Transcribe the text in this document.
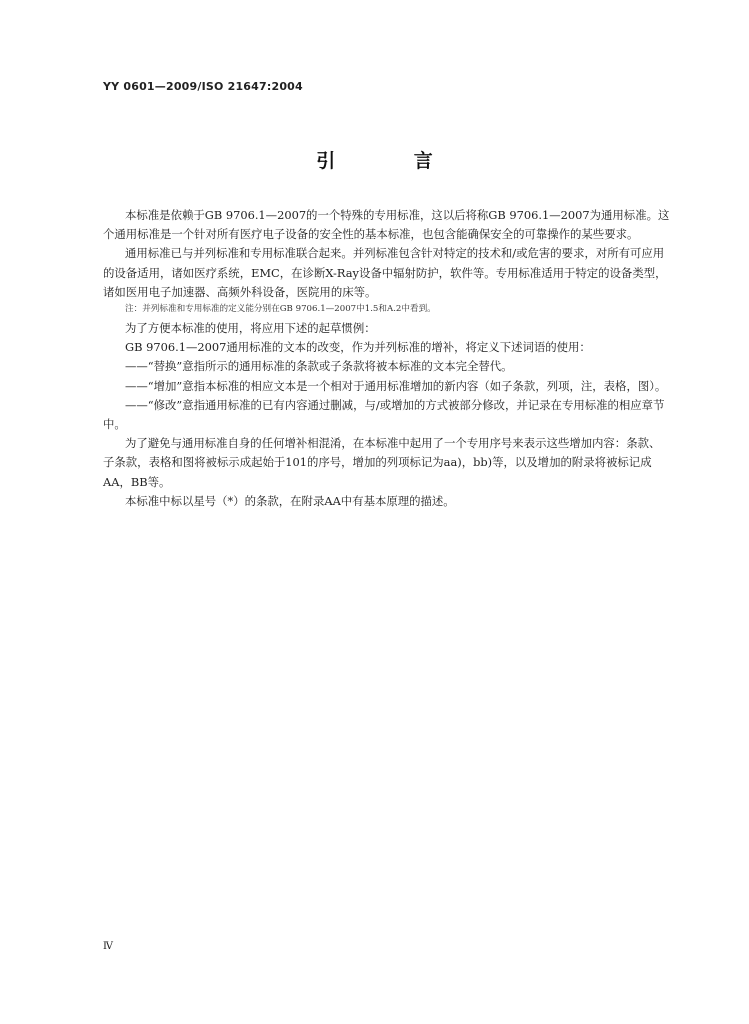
YY 0601—2009/ISO 21647:2004
引 言

本标准是依赖于GB 9706.1—2007的一个特殊的专用标准，这以后将称GB 9706.1—2007为通用标准。这个通用标准是一个针对所有医疗电子设备的安全性的基本标准，也包含能确保安全的可靠操作的某些要求。

通用标准已与并列标准和专用标准联合起来。并列标准包含针对特定的技术和/或危害的要求，对所有可应用的设备适用，诸如医疗系统，EMC，在诊断X-Ray设备中辐射防护，软件等。专用标准适用于特定的设备类型，诸如医用电子加速器、高频外科设备，医院用的床等。

注：并列标准和专用标准的定义能分别在GB 9706.1—2007中1.5和A.2中看到。

为了方便本标准的使用，将应用下述的起草惯例：

GB 9706.1—2007通用标准的文本的改变，作为并列标准的增补，将定义下述词语的使用：

——“替换”意指所示的通用标准的条款或子条款将被本标准的文本完全替代。

——“增加”意指本标准的相应文本是一个相对于通用标准增加的新内容（如子条款，列项，注，表格，图）。

——“修改”意指通用标准的已有内容通过删减，与/或增加的方式被部分修改，并记录在专用标准的相应章节中。

为了避免与通用标准自身的任何增补相混淆，在本标准中起用了一个专用序号来表示这些增加内容：条款、子条款，表格和图将被标示成起始于101的序号，增加的列项标记为aa)，bb)等，以及增加的附录将被标记成AA，BB等。

本标准中标以星号（*）的条款，在附录AA中有基本原理的描述。

Ⅳ
